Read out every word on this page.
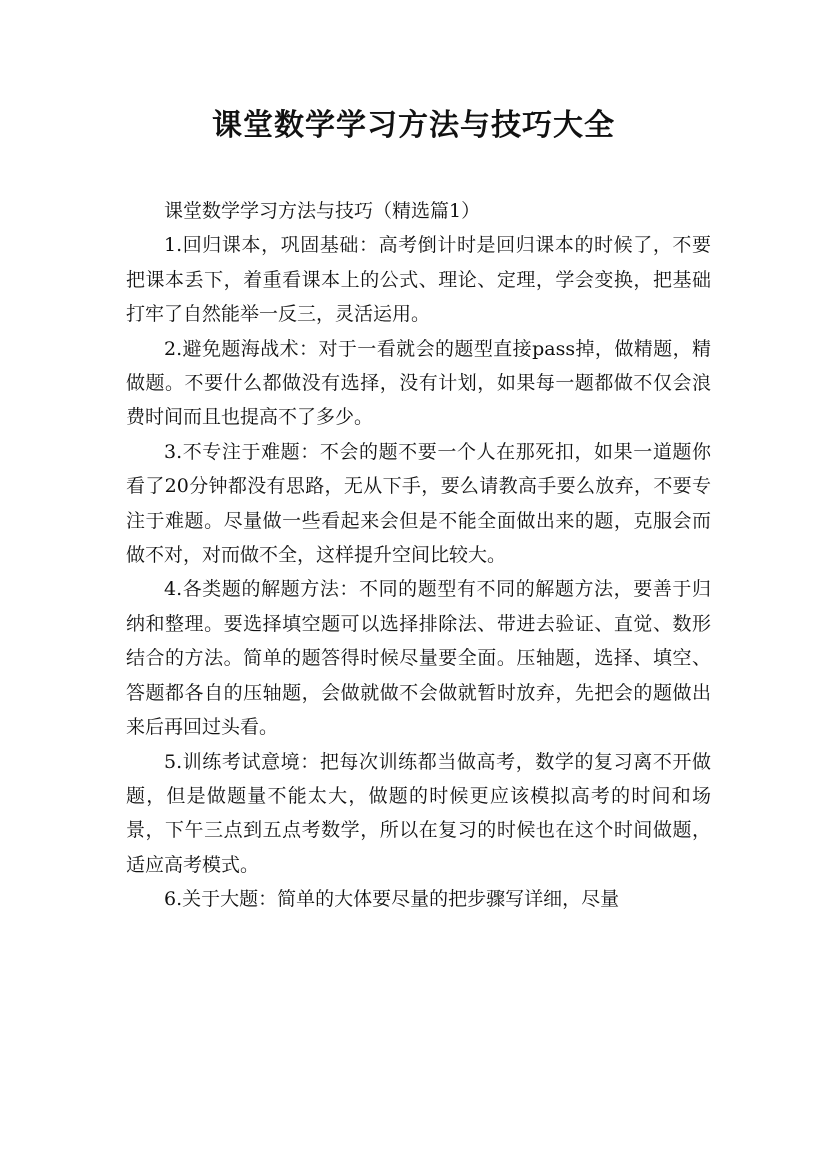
课堂数学学习方法与技巧大全

课堂数学学习方法与技巧（精选篇1）

1.回归课本，巩固基础：高考倒计时是回归课本的时候了，不要把课本丢下，着重看课本上的公式、理论、定理，学会变换，把基础打牢了自然能举一反三，灵活运用。

2.避免题海战术：对于一看就会的题型直接pass掉，做精题，精做题。不要什么都做没有选择，没有计划，如果每一题都做不仅会浪费时间而且也提高不了多少。

3.不专注于难题：不会的题不要一个人在那死扣，如果一道题你看了20分钟都没有思路，无从下手，要么请教高手要么放弃，不要专注于难题。尽量做一些看起来会但是不能全面做出来的题，克服会而做不对，对而做不全，这样提升空间比较大。

4.各类题的解题方法：不同的题型有不同的解题方法，要善于归纳和整理。要选择填空题可以选择排除法、带进去验证、直觉、数形结合的方法。简单的题答得时候尽量要全面。压轴题，选择、填空、答题都各自的压轴题，会做就做不会做就暂时放弃，先把会的题做出来后再回过头看。

5.训练考试意境：把每次训练都当做高考，数学的复习离不开做题，但是做题量不能太大，做题的时候更应该模拟高考的时间和场景，下午三点到五点考数学，所以在复习的时候也在这个时间做题，适应高考模式。

6.关于大题：简单的大体要尽量的把步骤写详细，尽量
